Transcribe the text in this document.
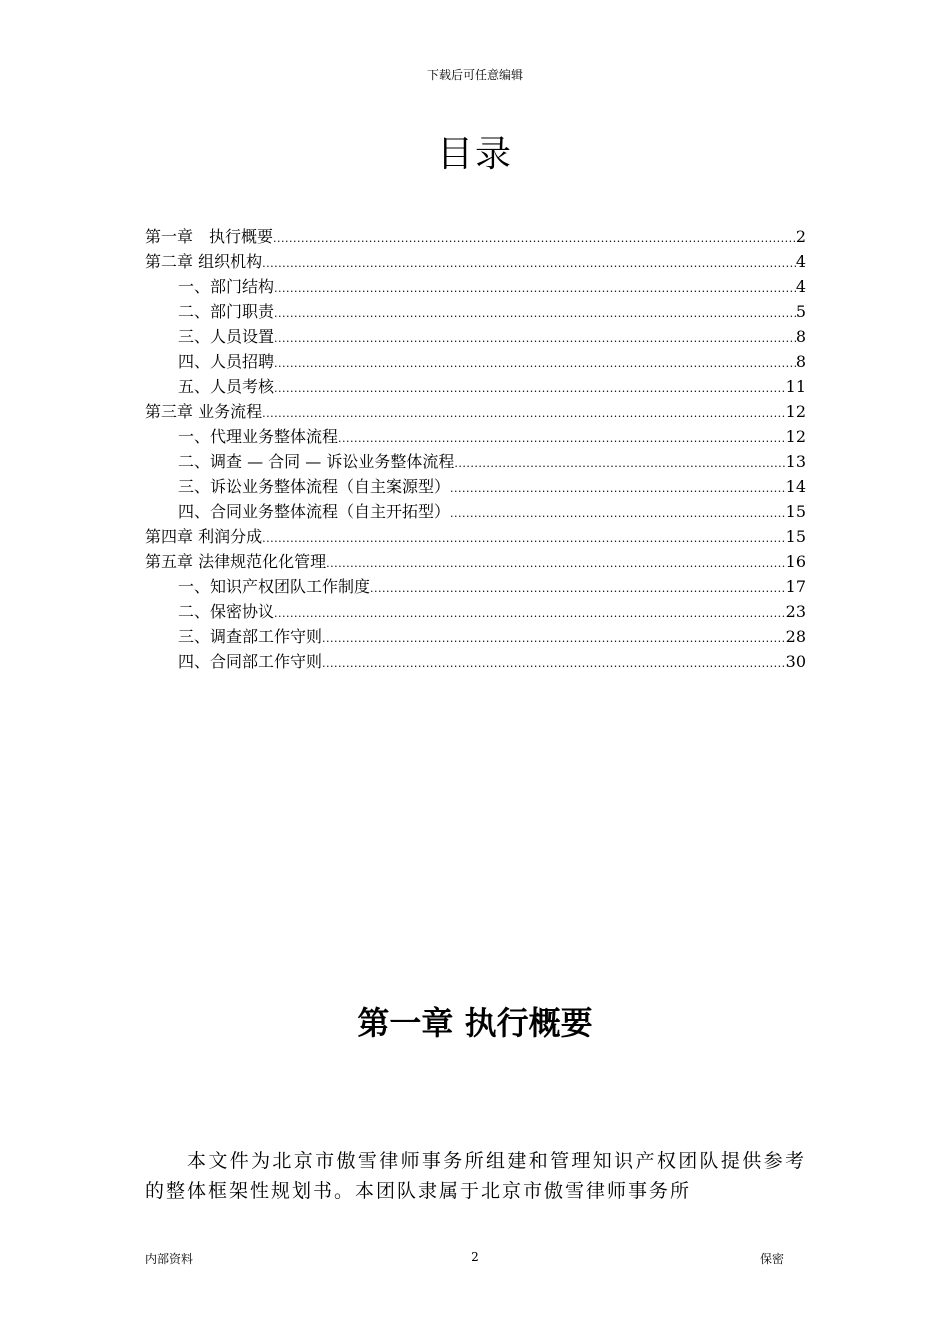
下载后可任意编辑
目录
第一章　执行概要 .....	2
第二章 组织机构 .....	4
一、部门结构 .....	4
二、部门职责 .....	5
三、人员设置 .....	8
四、人员招聘 .....	8
五、人员考核 .....	11
第三章 业务流程 .....	12
一、代理业务整体流程 .....	12
二、调查 — 合同 — 诉讼业务整体流程 .....	13
三、诉讼业务整体流程（自主案源型） .....	14
四、合同业务整体流程（自主开拓型） .....	15
第四章 利润分成 .....	15
第五章 法律规范化化管理 .....	16
一、知识产权团队工作制度 .....	17
二、保密协议 .....	23
三、调查部工作守则 .....	28
四、合同部工作守则 .....	30
第一章 执行概要
本文件为北京市傲雪律师事务所组建和管理知识产权团队提供参考的整体框架性规划书。本团队隶属于北京市傲雪律师事务所
内部资料	2	保密
